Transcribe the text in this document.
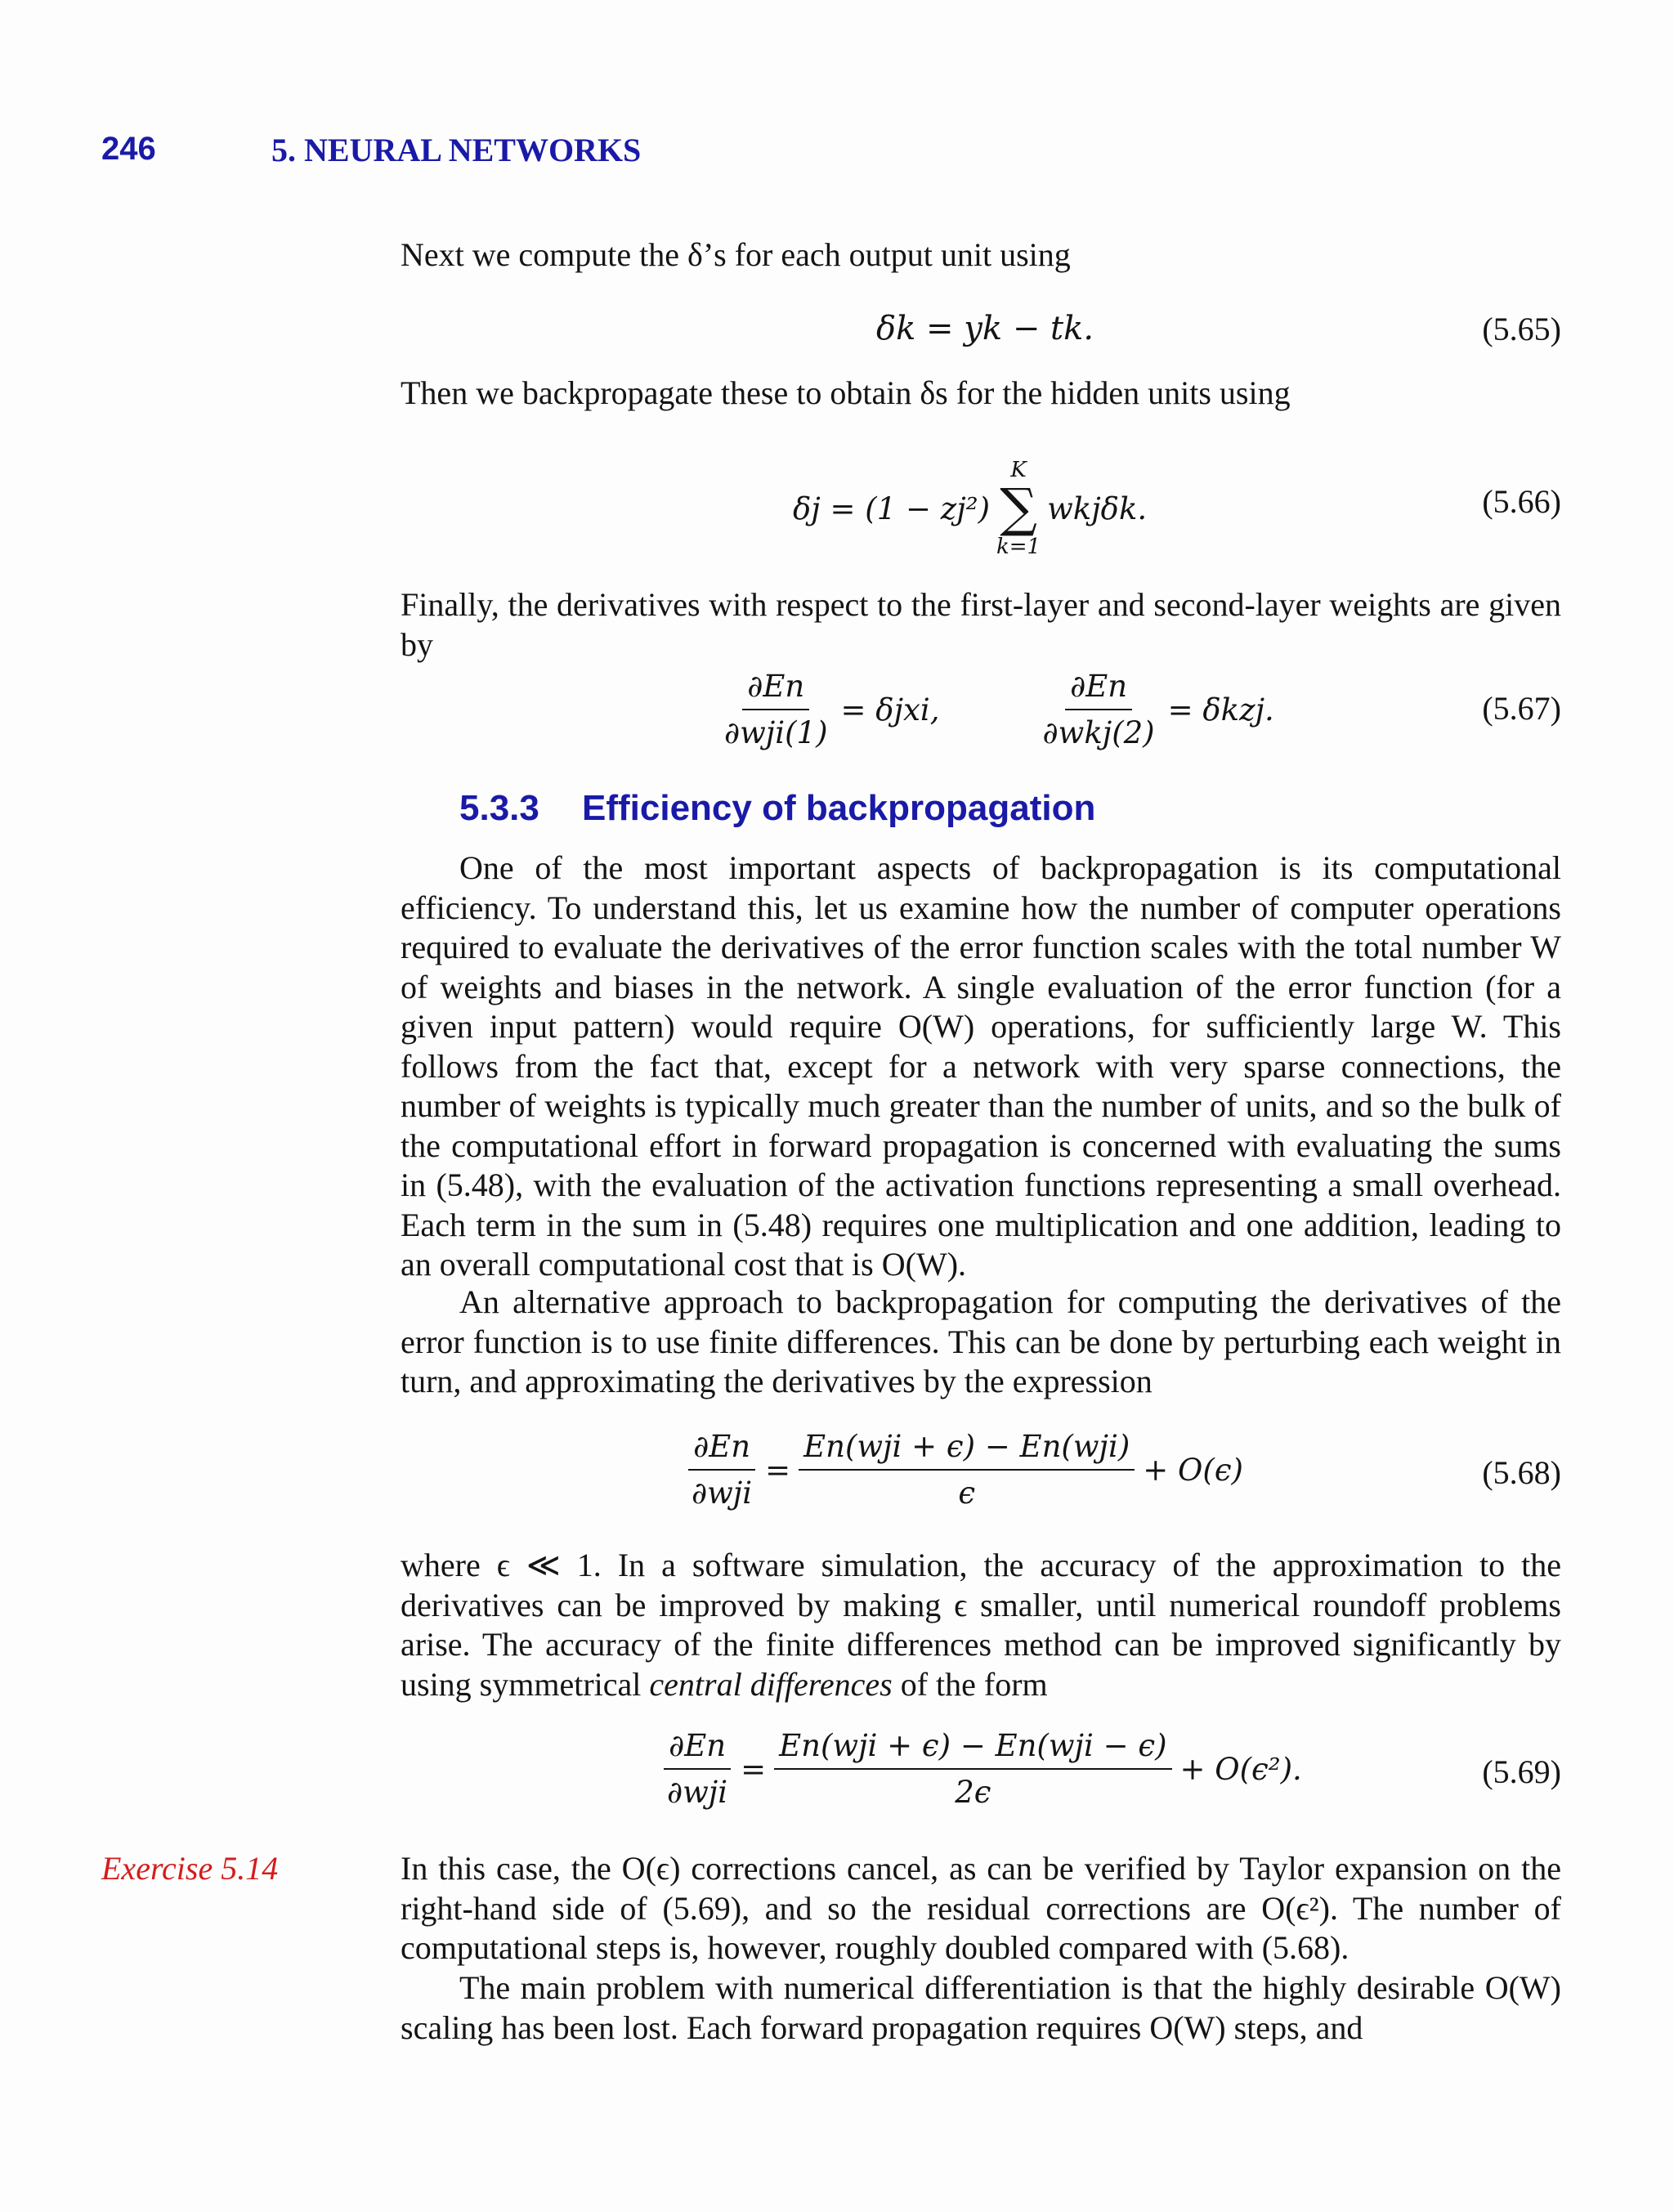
246	5. NEURAL NETWORKS

Next we compute the δ’s for each output unit using

δk = yk − tk.	(5.65)

Then we backpropagate these to obtain δs for the hidden units using

δj = (1 − zj²)
K
∑
k=1
wkjδk.	(5.66)

Finally, the derivatives with respect to the first-layer and second-layer weights are given by

$\frac{\partial En}{\text{∂wji(1)}} = \delta jxi$,	$\frac{\partial En}{\text{∂wkj(2)}} = \delta kzj$.	(5.67)
5.3.3 Efficiency of backpropagation

One of the most important aspects of backpropagation is its computational efficiency. To understand this, let us examine how the number of computer operations required to evaluate the derivatives of the error function scales with the total number W of weights and biases in the network. A single evaluation of the error function (for a given input pattern) would require O(W) operations, for sufficiently large W. This follows from the fact that, except for a network with very sparse connections, the number of weights is typically much greater than the number of units, and so the bulk of the computational effort in forward propagation is concerned with evaluating the sums in (5.48), with the evaluation of the activation functions representing a small overhead. Each term in the sum in (5.48) requires one multiplication and one addition, leading to an overall computational cost that is O(W).

An alternative approach to backpropagation for computing the derivatives of the error function is to use finite differences. This can be done by perturbing each weight in turn, and approximating the derivatives by the expression

$\frac{\partial En}{\text{∂wji}} = \frac{\text{En(wji + ϵ) − En(wji)}}{\epsilon} + O(\epsilon)$	(5.68)

where ϵ ≪ 1. In a software simulation, the accuracy of the approximation to the derivatives can be improved by making ϵ smaller, until numerical roundoff problems arise. The accuracy of the finite differences method can be improved significantly by using symmetrical central differences of the form

$\frac{\partial En}{\text{∂wji}} = \frac{\text{En(wji + ϵ) − En(wji − ϵ)}}{2\epsilon} + O(\epsilon^2)$.	(5.69)
Exercise 5.14	In this case, the O(ϵ) corrections cancel, as can be verified by Taylor expansion on the right-hand side of (5.69), and so the residual corrections are O(ϵ²). The number of computational steps is, however, roughly doubled compared with (5.68).

The main problem with numerical differentiation is that the highly desirable O(W) scaling has been lost. Each forward propagation requires O(W) steps, and
